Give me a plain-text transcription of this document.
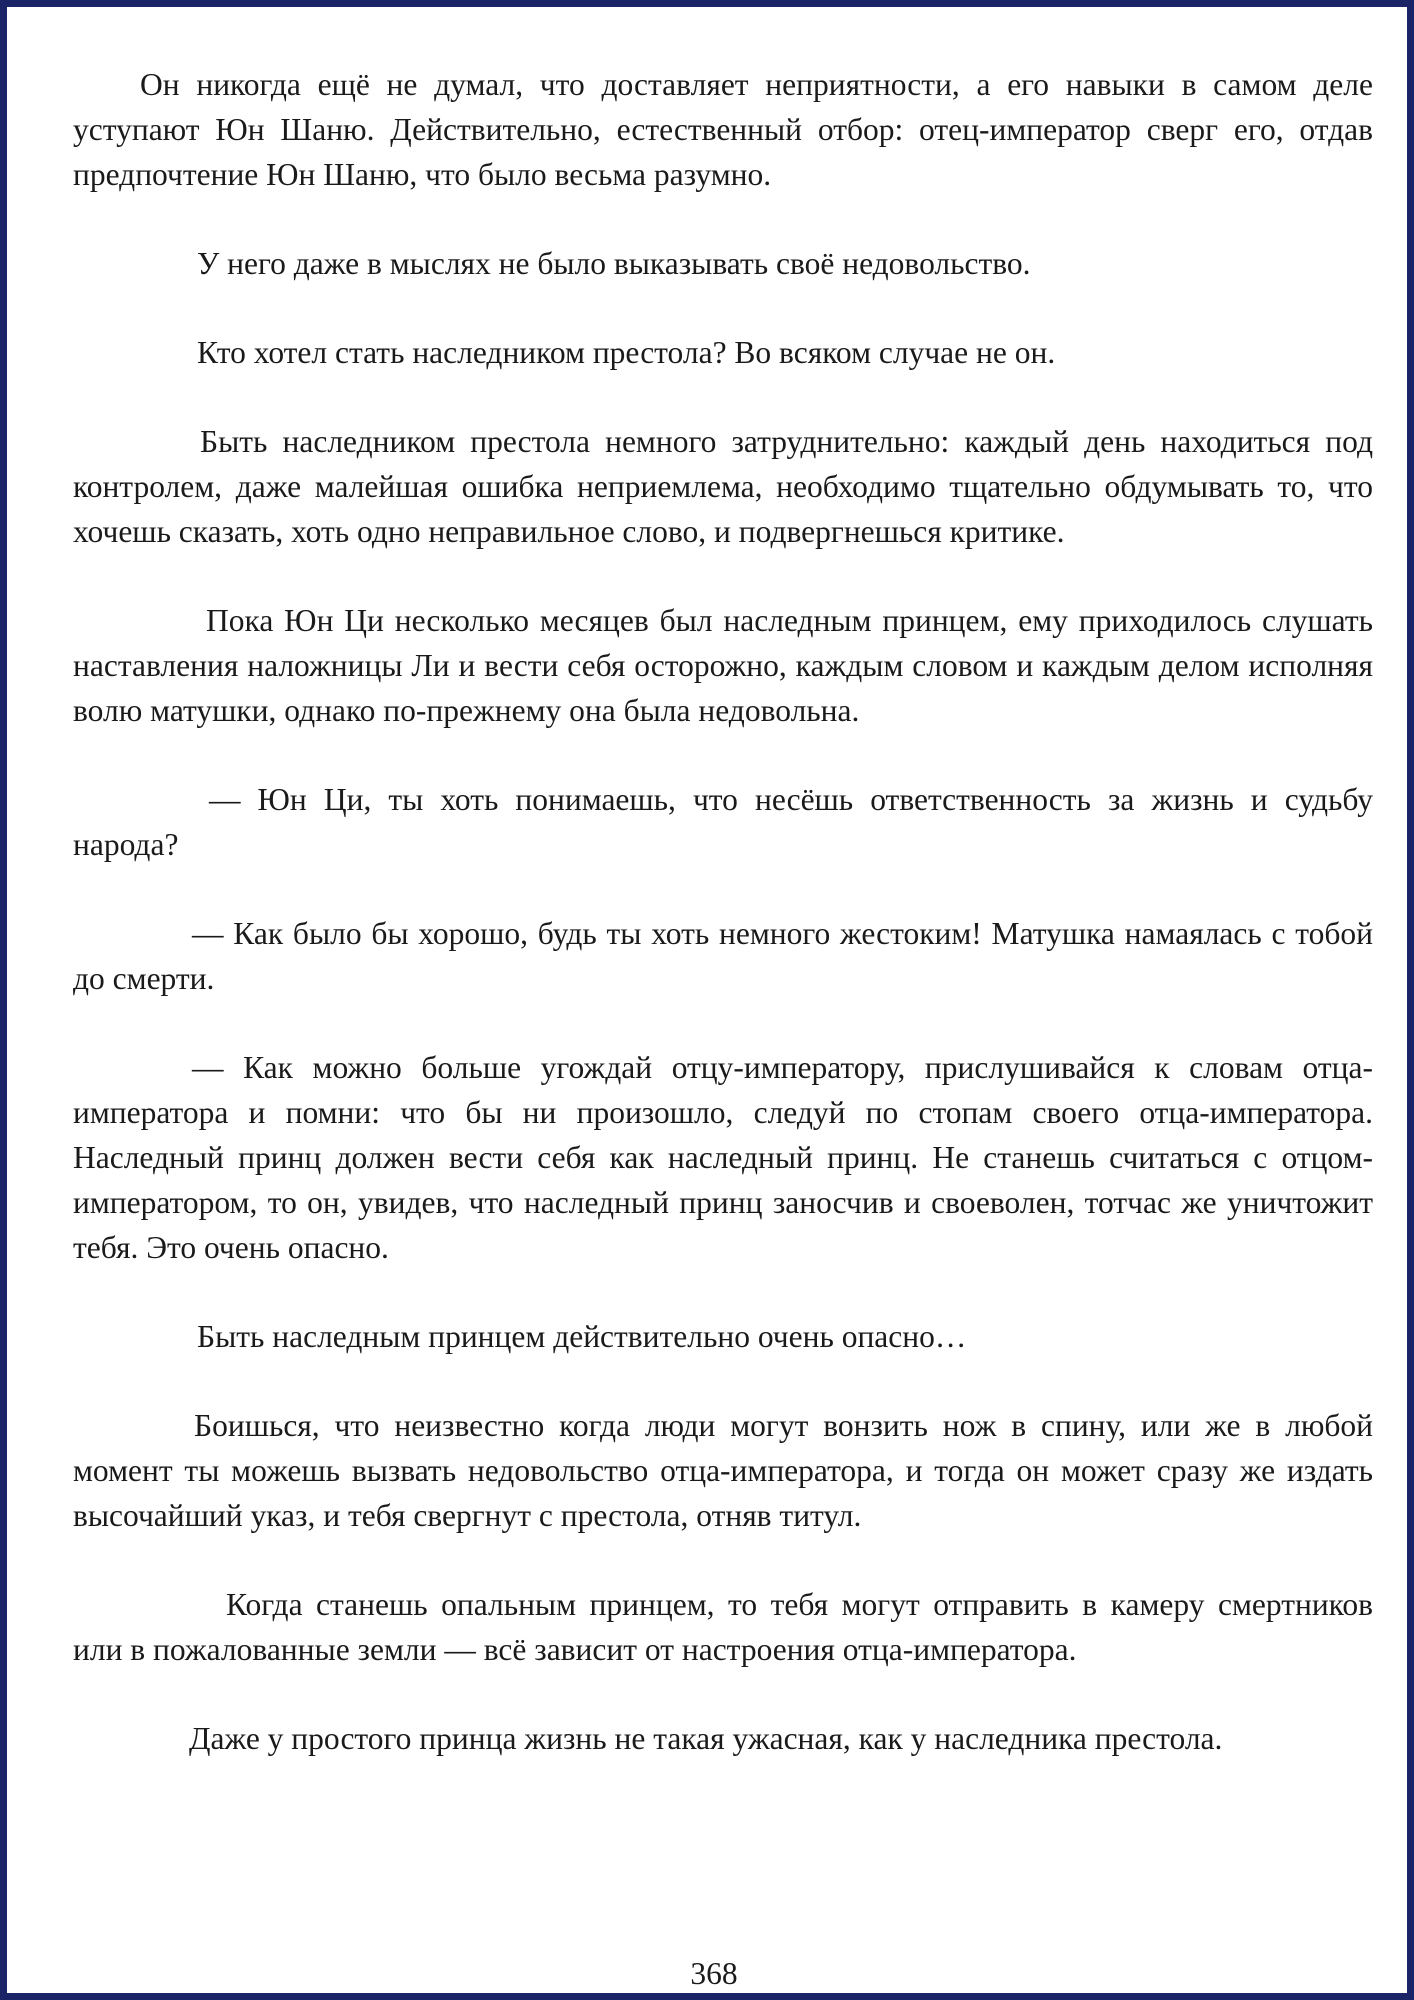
Он никогда ещё не думал, что доставляет неприятности, а его навыки в самом деле уступают Юн Шаню. Действительно, естественный отбор: отец-император сверг его, отдав предпочтение Юн Шаню, что было весьма разумно.

У него даже в мыслях не было выказывать своё недовольство.

Кто хотел стать наследником престола? Во всяком случае не он.

Быть наследником престола немного затруднительно: каждый день находиться под контролем, даже малейшая ошибка неприемлема, необходимо тщательно обдумывать то, что хочешь сказать, хоть одно неправильное слово, и подвергнешься критике.

Пока Юн Ци несколько месяцев был наследным принцем, ему приходилось слушать наставления наложницы Ли и вести себя осторожно, каждым словом и каждым делом исполняя волю матушки, однако по-прежнему она была недовольна.

— Юн Ци, ты хоть понимаешь, что несёшь ответственность за жизнь и судьбу народа?

— Как было бы хорошо, будь ты хоть немного жестоким! Матушка намаялась с тобой до смерти.

— Как можно больше угождай отцу-императору, прислушивайся к словам отца-императора и помни: что бы ни произошло, следуй по стопам своего отца-императора. Наследный принц должен вести себя как наследный принц. Не станешь считаться с отцом-императором, то он, увидев, что наследный принц заносчив и своеволен, тотчас же уничтожит тебя. Это очень опасно.

Быть наследным принцем действительно очень опасно…

Боишься, что неизвестно когда люди могут вонзить нож в спину, или же в любой момент ты можешь вызвать недовольство отца-императора, и тогда он может сразу же издать высочайший указ, и тебя свергнут с престола, отняв титул.

Когда станешь опальным принцем, то тебя могут отправить в камеру смертников или в пожалованные земли — всё зависит от настроения отца-императора.

Даже у простого принца жизнь не такая ужасная, как у наследника престола.

368
